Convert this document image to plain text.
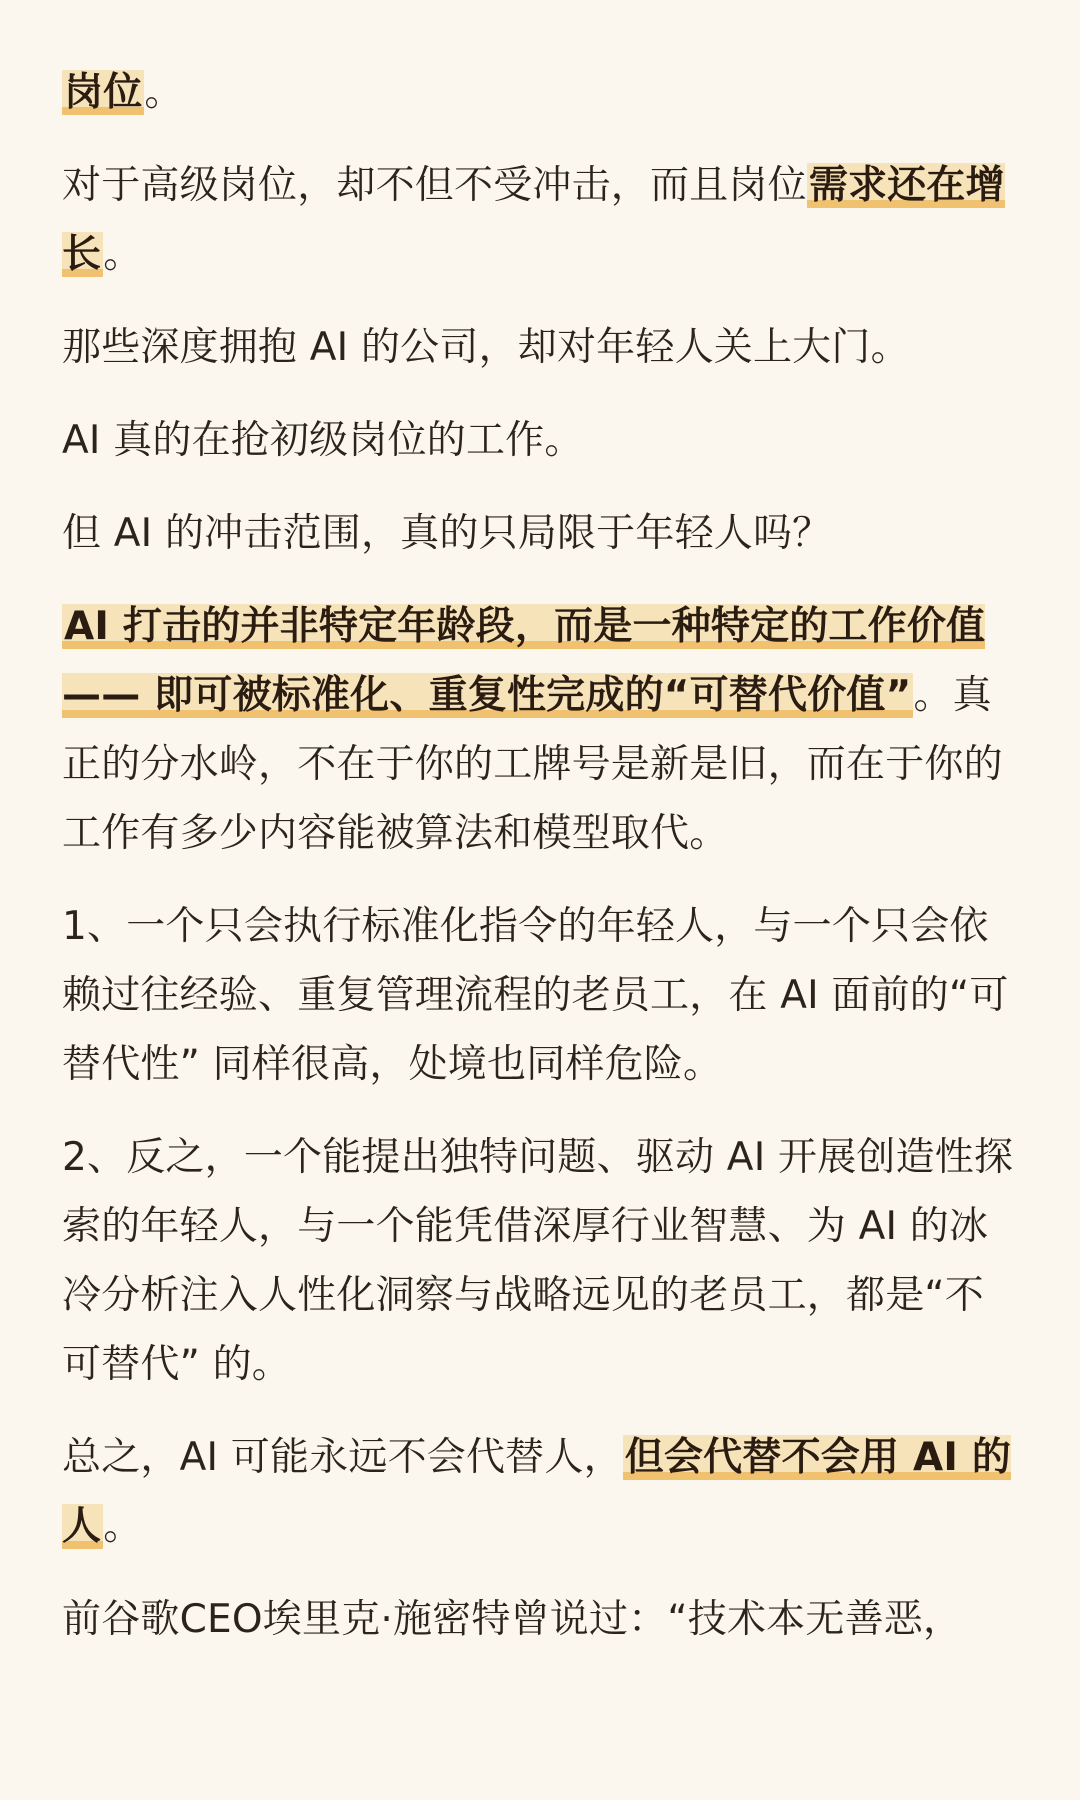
岗位。

对于高级岗位，却不但不受冲击，而且岗位需求还在增长。

那些深度拥抱 AI 的公司，却对年轻人关上大门。

AI 真的在抢初级岗位的工作。

但 AI 的冲击范围，真的只局限于年轻人吗？

AI 打击的并非特定年龄段，而是一种特定的工作价值—— 即可被标准化、重复性完成的“可替代价值”。真正的分水岭，不在于你的工牌号是新是旧，而在于你的工作有多少内容能被算法和模型取代。

1、一个只会执行标准化指令的年轻人，与一个只会依赖过往经验、重复管理流程的老员工，在 AI 面前的“可替代性” 同样很高，处境也同样危险。

2、反之，一个能提出独特问题、驱动 AI 开展创造性探索的年轻人，与一个能凭借深厚行业智慧、为 AI 的冰冷分析注入人性化洞察与战略远见的老员工，都是“不可替代” 的。

总之，AI 可能永远不会代替人，但会代替不会用 AI 的人。

前谷歌CEO埃里克·施密特曾说过：“技术本无善恶，
